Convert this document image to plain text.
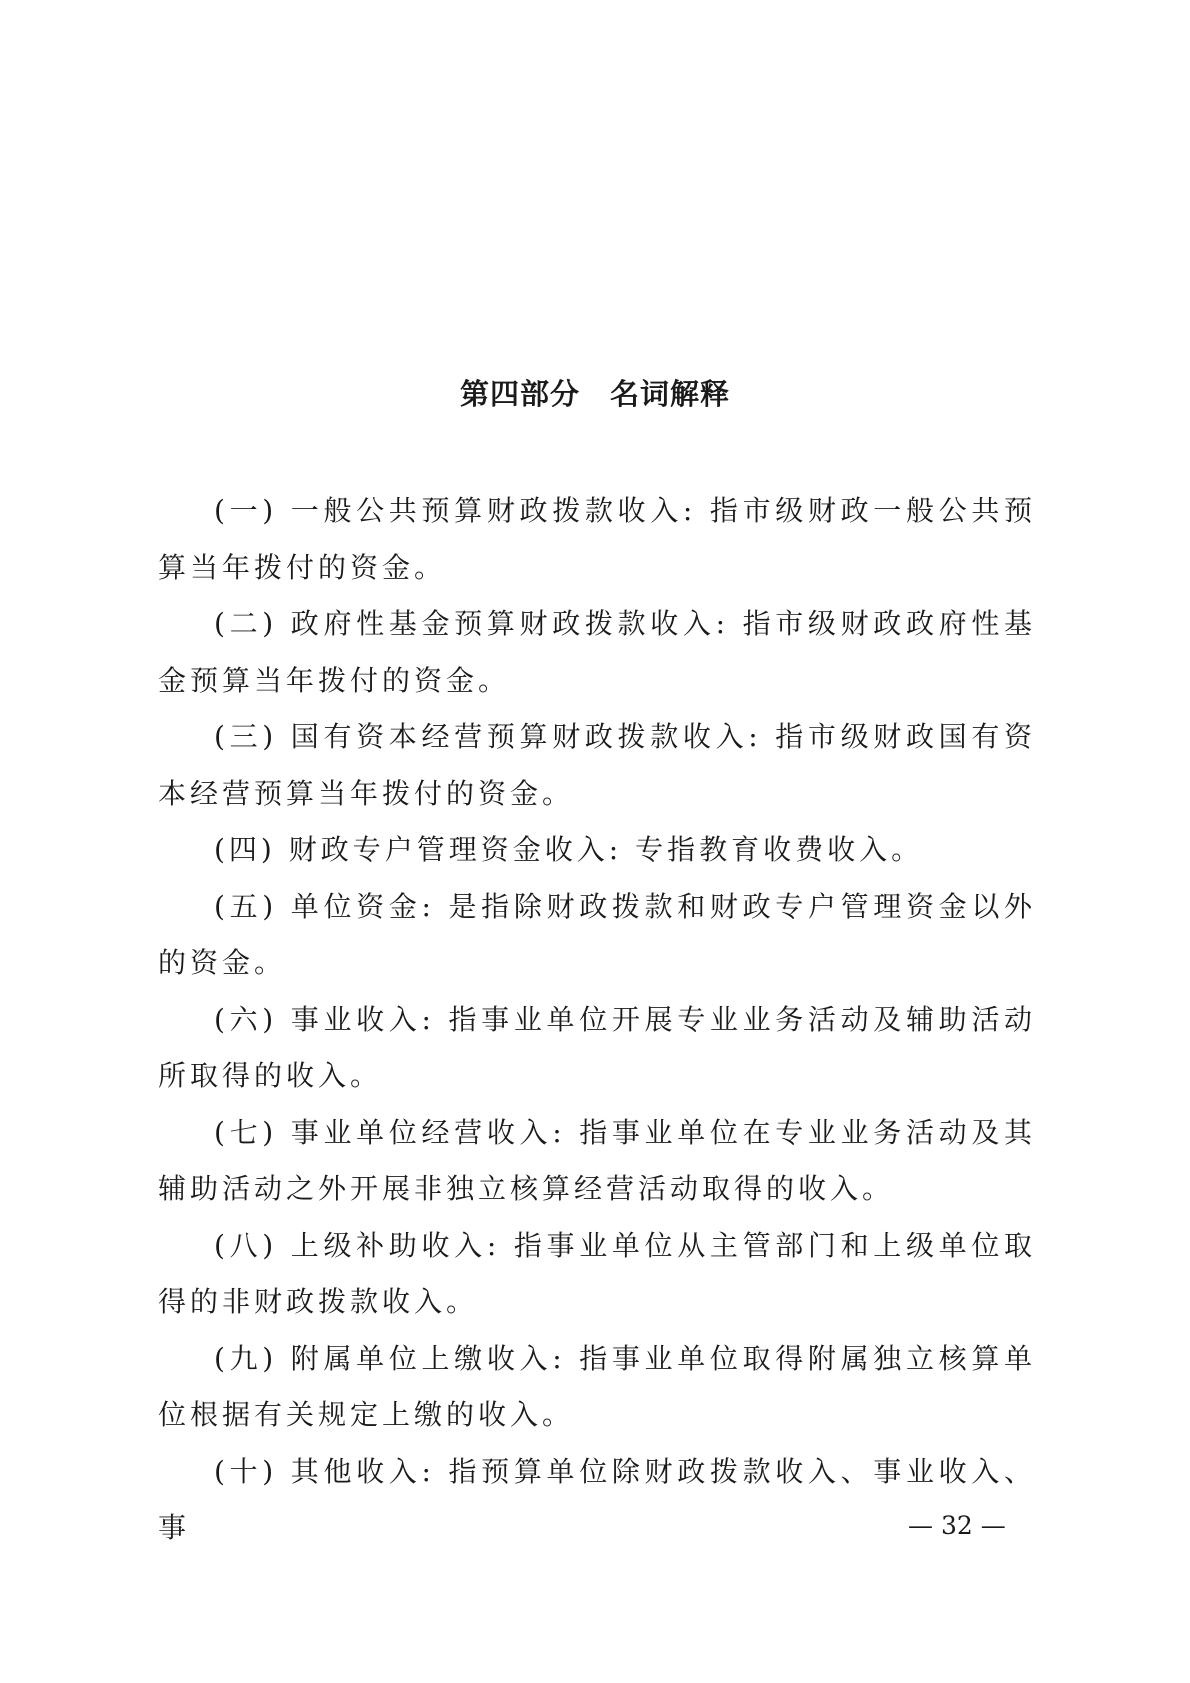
第四部分　名词解释

(一) 一般公共预算财政拨款收入: 指市级财政一般公共预算当年拨付的资金。

(二) 政府性基金预算财政拨款收入: 指市级财政政府性基金预算当年拨付的资金。

(三) 国有资本经营预算财政拨款收入: 指市级财政国有资本经营预算当年拨付的资金。

(四) 财政专户管理资金收入: 专指教育收费收入。

(五) 单位资金: 是指除财政拨款和财政专户管理资金以外的资金。

(六) 事业收入: 指事业单位开展专业业务活动及辅助活动所取得的收入。

(七) 事业单位经营收入: 指事业单位在专业业务活动及其辅助活动之外开展非独立核算经营活动取得的收入。

(八) 上级补助收入: 指事业单位从主管部门和上级单位取得的非财政拨款收入。

(九) 附属单位上缴收入: 指事业单位取得附属独立核算单位根据有关规定上缴的收入。

(十) 其他收入: 指预算单位除财政拨款收入、事业收入、事	— 32 —
